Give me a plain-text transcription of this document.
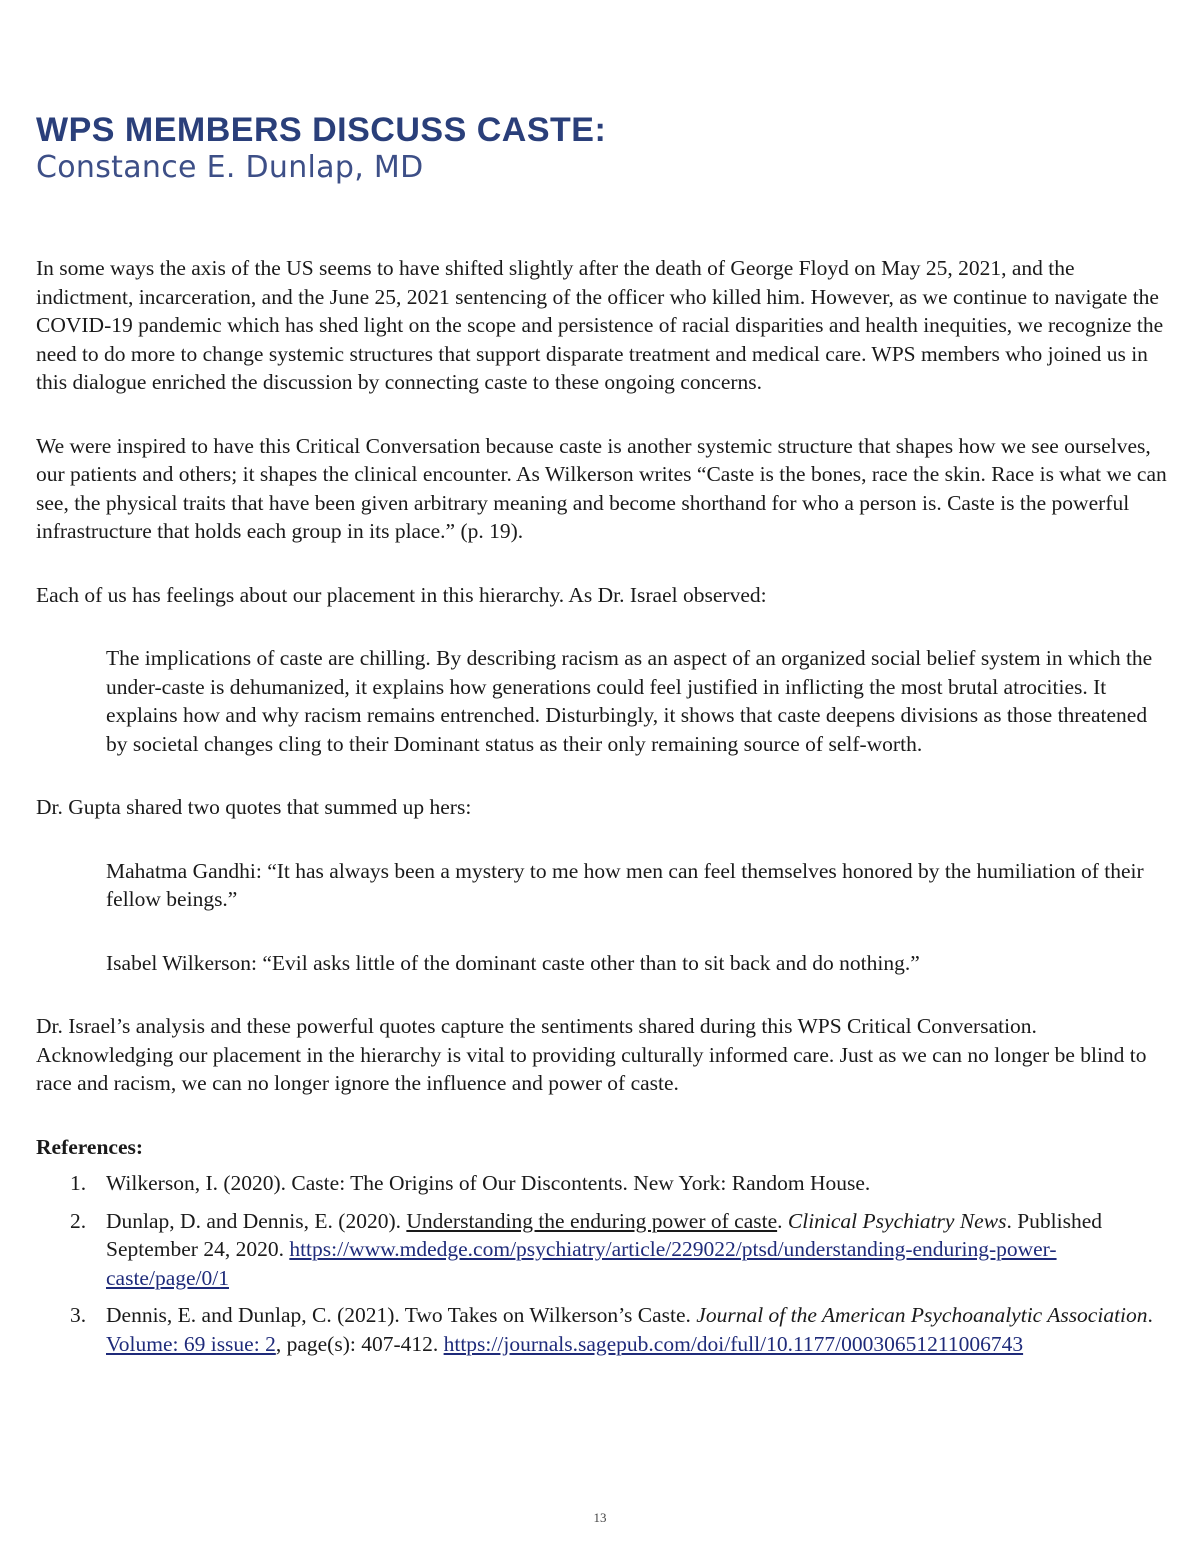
WPS MEMBERS DISCUSS CASTE:
Constance E. Dunlap, MD

In some ways the axis of the US seems to have shifted slightly after the death of George Floyd on May 25, 2021, and the indictment, incarceration, and the June 25, 2021 sentencing of the officer who killed him. However, as we continue to navigate the COVID-19 pandemic which has shed light on the scope and persistence of racial disparities and health inequities, we recognize the need to do more to change systemic structures that support disparate treatment and medical care. WPS members who joined us in this dialogue enriched the discussion by connecting caste to these ongoing concerns.

We were inspired to have this Critical Conversation because caste is another systemic structure that shapes how we see ourselves, our patients and others; it shapes the clinical encounter. As Wilkerson writes “Caste is the bones, race the skin. Race is what we can see, the physical traits that have been given arbitrary meaning and become shorthand for who a person is. Caste is the powerful infrastructure that holds each group in its place.” (p. 19).

Each of us has feelings about our placement in this hierarchy. As Dr. Israel observed:

The implications of caste are chilling. By describing racism as an aspect of an organized social belief system in which the under-caste is dehumanized, it explains how generations could feel justified in inflicting the most brutal atrocities. It explains how and why racism remains entrenched. Disturbingly, it shows that caste deepens divisions as those threatened by societal changes cling to their Dominant status as their only remaining source of self-worth.

Dr. Gupta shared two quotes that summed up hers:

Mahatma Gandhi: “It has always been a mystery to me how men can feel themselves honored by the humiliation of their fellow beings.”

Isabel Wilkerson: “Evil asks little of the dominant caste other than to sit back and do nothing.”

Dr. Israel’s analysis and these powerful quotes capture the sentiments shared during this WPS Critical Conversation. Acknowledging our placement in the hierarchy is vital to providing culturally informed care. Just as we can no longer be blind to race and racism, we can no longer ignore the influence and power of caste.

References:

1. Wilkerson, I. (2020). Caste: The Origins of Our Discontents. New York: Random House.
2. Dunlap, D. and Dennis, E. (2020). Understanding the enduring power of caste. Clinical Psychiatry News. Published September 24, 2020. https://www.mdedge.com/psychiatry/article/229022/ptsd/understanding-enduring-power-caste/page/0/1
3. Dennis, E. and Dunlap, C. (2021). Two Takes on Wilkerson’s Caste. Journal of the American Psychoanalytic Association. Volume: 69 issue: 2, page(s): 407-412. https://journals.sagepub.com/doi/full/10.1177/00030651211006743
13
